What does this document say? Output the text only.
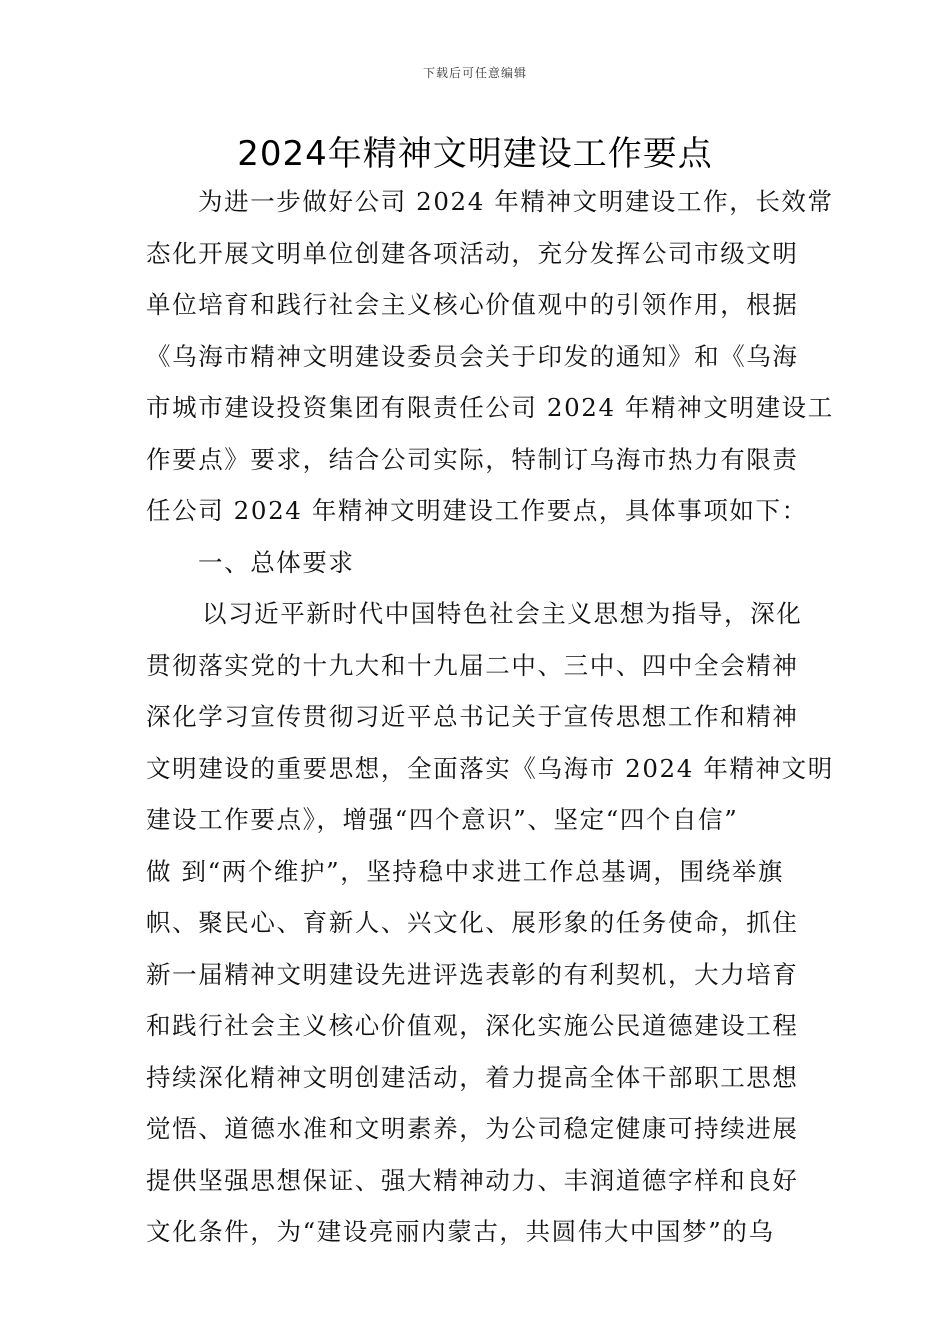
下载后可任意编辑
2024年精神文明建设工作要点
为进一步做好公司 2024 年精神文明建设工作，长效常
态化开展文明单位创建各项活动，充分发挥公司市级文明
单位培育和践行社会主义核心价值观中的引领作用，根据
《乌海市精神文明建设委员会关于印发的通知》和《乌海
市城市建设投资集团有限责任公司 2024 年精神文明建设工
作要点》要求，结合公司实际，特制订乌海市热力有限责
任公司 2024 年精神文明建设工作要点，具体事项如下：
一、总体要求
以习近平新时代中国特色社会主义思想为指导，深化
贯彻落实党的十九大和十九届二中、三中、四中全会精神
深化学习宣传贯彻习近平总书记关于宣传思想工作和精神
文明建设的重要思想，全面落实《乌海市 2024 年精神文明
建设工作要点》，增强“四个意识”、坚定“四个自信”
做 到“两个维护”，坚持稳中求进工作总基调，围绕举旗
帜、聚民心、育新人、兴文化、展形象的任务使命，抓住
新一届精神文明建设先进评选表彰的有利契机，大力培育
和践行社会主义核心价值观，深化实施公民道德建设工程
持续深化精神文明创建活动，着力提高全体干部职工思想
觉悟、道德水准和文明素养，为公司稳定健康可持续进展
提供坚强思想保证、强大精神动力、丰润道德字样和良好
文化条件，为“建设亮丽内蒙古，共圆伟大中国梦”的乌
